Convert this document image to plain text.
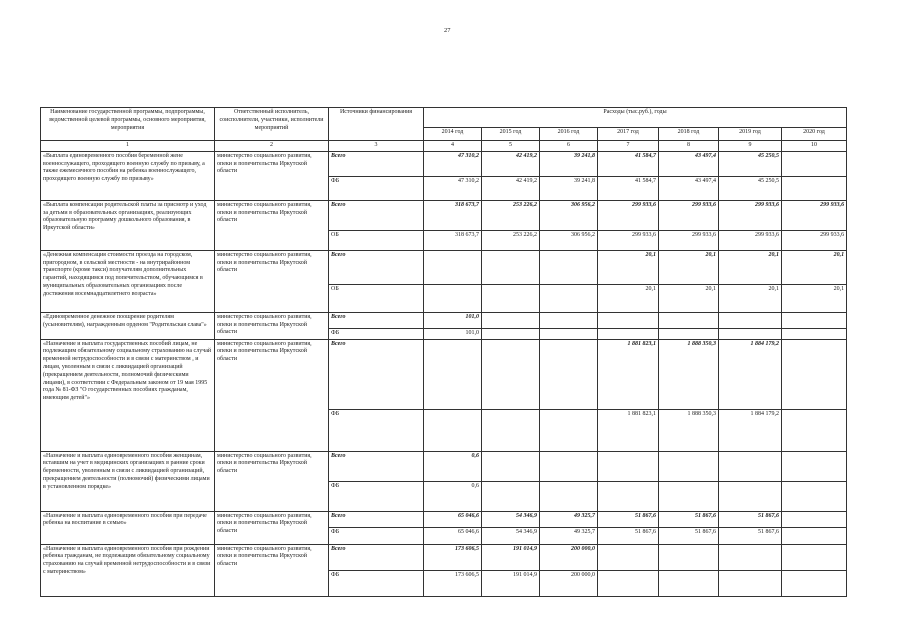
27
Наименование государственной программы, подпрограммы, ведомственной целевой программы, основного мероприятия, мероприятия	Ответственный исполнитель, соисполнители, участники, исполнители мероприятий	Источники финансирования	Расходы (тыс.руб.), годы						
			2014 год	2015 год	2016 год	2017 год	2018 год	2019 год	2020 год
1	2	3	4	5	6	7	8	9	10
«Выплата единовременного пособия беременной жене военнослужащего, проходящего военную службу по призыву, а также ежемесячного пособия на ребенка военнослужащего, проходящего военную службу по призыву»	министерство социального развития, опеки и попечительства Иркутской области	Всего	47 310,2	42 419,2	39 241,8	41 584,7	43 497,4	45 250,5	
		ФБ	47 310,2	42 419,2	39 241,8	41 584,7	43 497,4	45 250,5	
«Выплата компенсации родительской платы за присмотр и уход за детьми в образовательных организациях, реализующих образовательную программу дошкольного образования, в Иркутской области»	министерство социального развития, опеки и попечительства Иркутской области	Всего	318 673,7	253 226,2	306 956,2	299 933,6	299 933,6	299 933,6	299 933,6
		ОБ	318 673,7	253 226,2	306 956,2	299 933,6	299 933,6	299 933,6	299 933,6
«Денежная компенсация стоимости проезда на городском, пригородном, в сельской местности - на внутрирайонном транспорте (кроме такси) получателям дополнительных гарантий, находящимся под попечительством, обучающимся в муниципальных образовательных организациях после достижения восемнадцатилетнего возраста»	министерство социального развития, опеки и попечительства Иркутской области	Всего				20,1	20,1	20,1	20,1
		ОБ				20,1	20,1	20,1	20,1
«Единовременное денежное поощрение родителям (усыновителям), награжденным орденом "Родительская слава"»	министерство социального развития, опеки и попечительства Иркутской области	Всего	101,0						
		ФБ	101,0						
«Назначение и выплата государственных пособий лицам, не подлежащим обязательному социальному страхованию на случай временной нетрудоспособности и в связи с материнством , и лицам, уволенным в связи с ликвидацией организаций (прекращением деятельности, полномочий физическими лицами), в соответствии с Федеральным законом от 19 мая 1995 года № 81-ФЗ "О государственных пособиях гражданам, имеющим детей"»	министерство социального развития, опеки и попечительства Иркутской области	Всего				1 881 823,1	1 888 350,3	1 884 179,2	
		ФБ				1 881 823,1	1 888 350,3	1 884 179,2	
«Назначение и выплата единовременного пособия женщинам, вставшим на учет в медицинских организациях в ранние сроки беременности, уволенным в связи с ликвидацией организаций, прекращением деятельности (полномочий) физическими лицами в установленном порядке»	министерство социального развития, опеки и попечительства Иркутской области	Всего	0,6						
		ФБ	0,6						
«Назначение и выплата единовременного пособия при передаче ребенка на воспитание в семью»	министерство социального развития, опеки и попечительства Иркутской области	Всего	65 046,6	54 346,9	49 325,7	51 867,6	51 867,6	51 867,6	
		ФБ	65 046,6	54 346,9	49 325,7	51 867,6	51 867,6	51 867,6	
«Назначение и выплата единовременного пособия при рождении ребенка гражданам, не подлежащим обязательному социальному страхованию на случай временной нетрудоспособности и в связи с материнством»	министерство социального развития, опеки и попечительства Иркутской области	Всего	173 606,5	191 014,9	200 000,0				
		ФБ	173 606,5	191 014,9	200 000,0				
